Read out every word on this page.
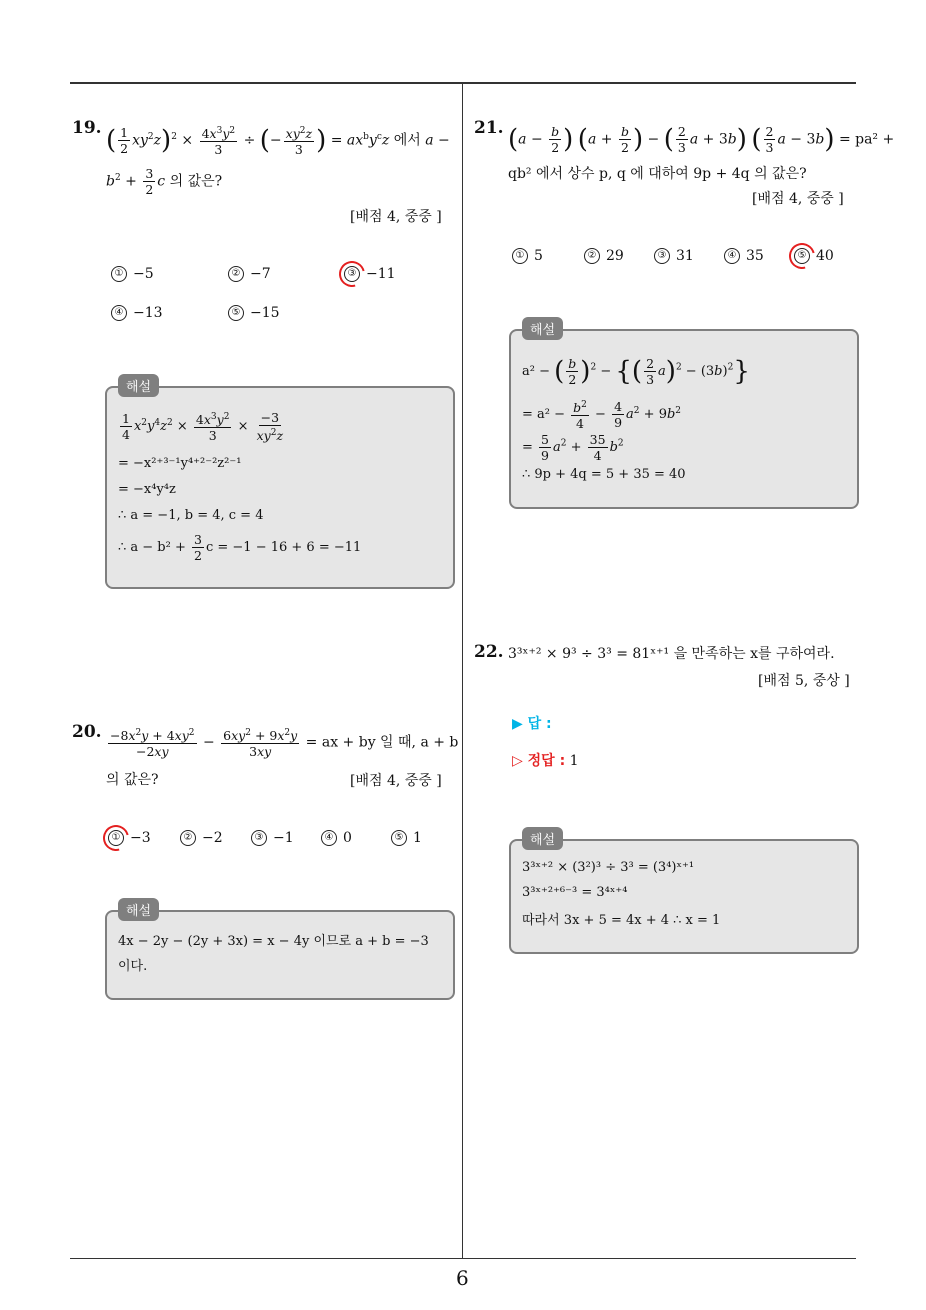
6
19. ( $\frac{1}{2} xy^2z)^2 \times \frac{4x^3y^2}{3}$ ÷ (− $\frac{xy^2z}{3}$ ) = $ax^by^cz$ 에서 a −
$b^2 + \frac{3}{2}$ c 의 값은?
[배점 4, 중중 ]
① −5	② −7	③ −11
④ −13	⑤ −15
해설
$\frac{1}{4} x^2y^4z^2 \times \frac{4x^3y^2}{3} \times \frac{-3}{xy^2z}$
= −x²⁺³⁻¹y⁴⁺²⁻²z²⁻¹
= −x⁴y⁴z
∴ a = −1, b = 4, c = 4
∴ $a - b^2 + \frac{3}{2}$ c = −1 − 16 + 6 = −11
20. $\frac{-8x^2y + 4xy^2}{-2xy} - \frac{6xy^2 + 9x^2y}{3xy}$ = ax + by 일 때, a + b
의 값은?	[배점 4, 중중 ]
① −3	② −2	③ −1	④ 0	⑤ 1
해설
4x − 2y − (2y + 3x) = x − 4y 이므로 a + b = −3
이다.
21. ($a - \frac{b}{2}$ ) ($a + \frac{b}{2}$ ) − ( $\frac{2}{3}$ a + 3b) ( $\frac{2}{3}$ a − 3b) = pa² +
qb² 에서 상수 p, q 에 대하여 9p + 4q 의 값은?
[배점 4, 중중 ]
① 5	② 29	③ 31	④ 35	⑤ 40
해설
a² − ( $\frac{b}{2} )^2$ − {( $\frac{2}{3} a)^2 - (3b)^2$}
= $a^2 - \frac{b^2}{4} - \frac{4}{9} a^2 + 9b^2$
= $\frac{5}{9} a^2 + \frac{35}{4} b^2$
∴ 9p + 4q = 5 + 35 = 40
22. 3³ˣ⁺² × 9³ ÷ 3³ = 81ˣ⁺¹ 을 만족하는 x를 구하여라.
[배점 5, 중상 ]
▶ 답 :
▷ 정답 : 1
해설
3³ˣ⁺² × (3²)³ ÷ 3³ = (3⁴)ˣ⁺¹
3³ˣ⁺²⁺⁶⁻³ = 3⁴ˣ⁺⁴
따라서 3x + 5 = 4x + 4 ∴ x = 1
